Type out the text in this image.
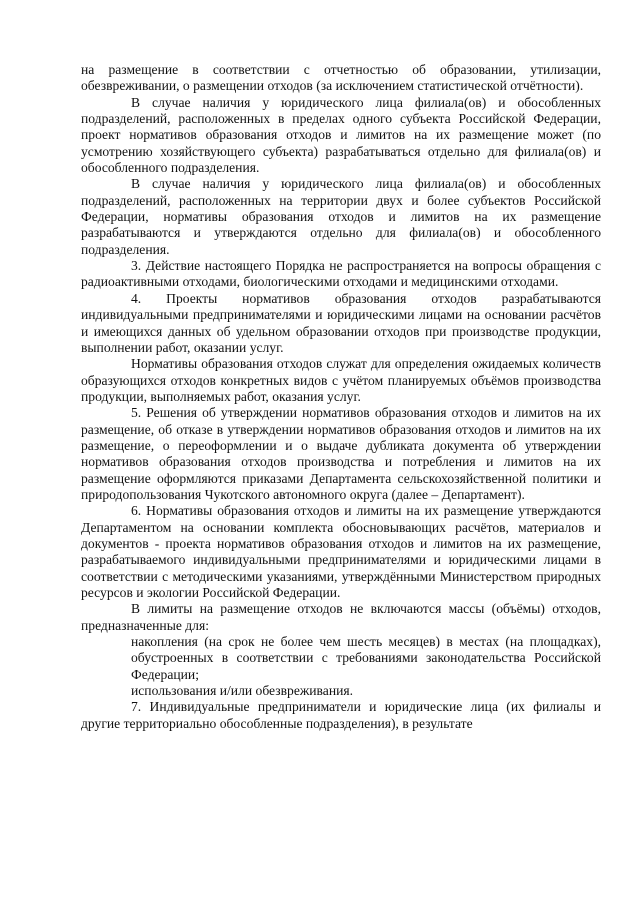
на размещение в соответствии с отчетностью об образовании, утилизации, обезвреживании, о размещении отходов (за исключением статистической отчётности).

В случае наличия у юридического лица филиала(ов) и обособленных подразделений, расположенных в пределах одного субъекта Российской Федерации, проект нормативов образования отходов и лимитов на их размещение может (по усмотрению хозяйствующего субъекта) разрабатываться отдельно для филиала(ов) и обособленного подразделения.

В случае наличия у юридического лица филиала(ов) и обособленных подразделений, расположенных на территории двух и более субъектов Российской Федерации, нормативы образования отходов и лимитов на их размещение разрабатываются и утверждаются отдельно для филиала(ов) и обособленного подразделения.

3. Действие настоящего Порядка не распространяется на вопросы обращения с радиоактивными отходами, биологическими отходами и медицинскими отходами.

4. Проекты нормативов образования отходов разрабатываются индивидуальными предпринимателями и юридическими лицами на основании расчётов и имеющихся данных об удельном образовании отходов при производстве продукции, выполнении работ, оказании услуг.

Нормативы образования отходов служат для определения ожидаемых количеств образующихся отходов конкретных видов с учётом планируемых объёмов производства продукции, выполняемых работ, оказания услуг.

5. Решения об утверждении нормативов образования отходов и лимитов на их размещение, об отказе в утверждении нормативов образования отходов и лимитов на их размещение, о переоформлении и о выдаче дубликата документа об утверждении нормативов образования отходов производства и потребления и лимитов на их размещение оформляются приказами Департамента сельскохозяйственной политики и природопользования Чукотского автономного округа (далее – Департамент).

6. Нормативы образования отходов и лимиты на их размещение утверждаются Департаментом на основании комплекта обосновывающих расчётов, материалов и документов - проекта нормативов образования отходов и лимитов на их размещение, разрабатываемого индивидуальными предпринимателями и юридическими лицами в соответствии с методическими указаниями, утверждёнными Министерством природных ресурсов и экологии Российской Федерации.

В лимиты на размещение отходов не включаются массы (объёмы) отходов, предназначенные для:

накопления (на срок не более чем шесть месяцев) в местах (на площадках), обустроенных в соответствии с требованиями законодательства Российской Федерации;

использования и/или обезвреживания.

7. Индивидуальные предприниматели и юридические лица (их филиалы и другие территориально обособленные подразделения), в результате
